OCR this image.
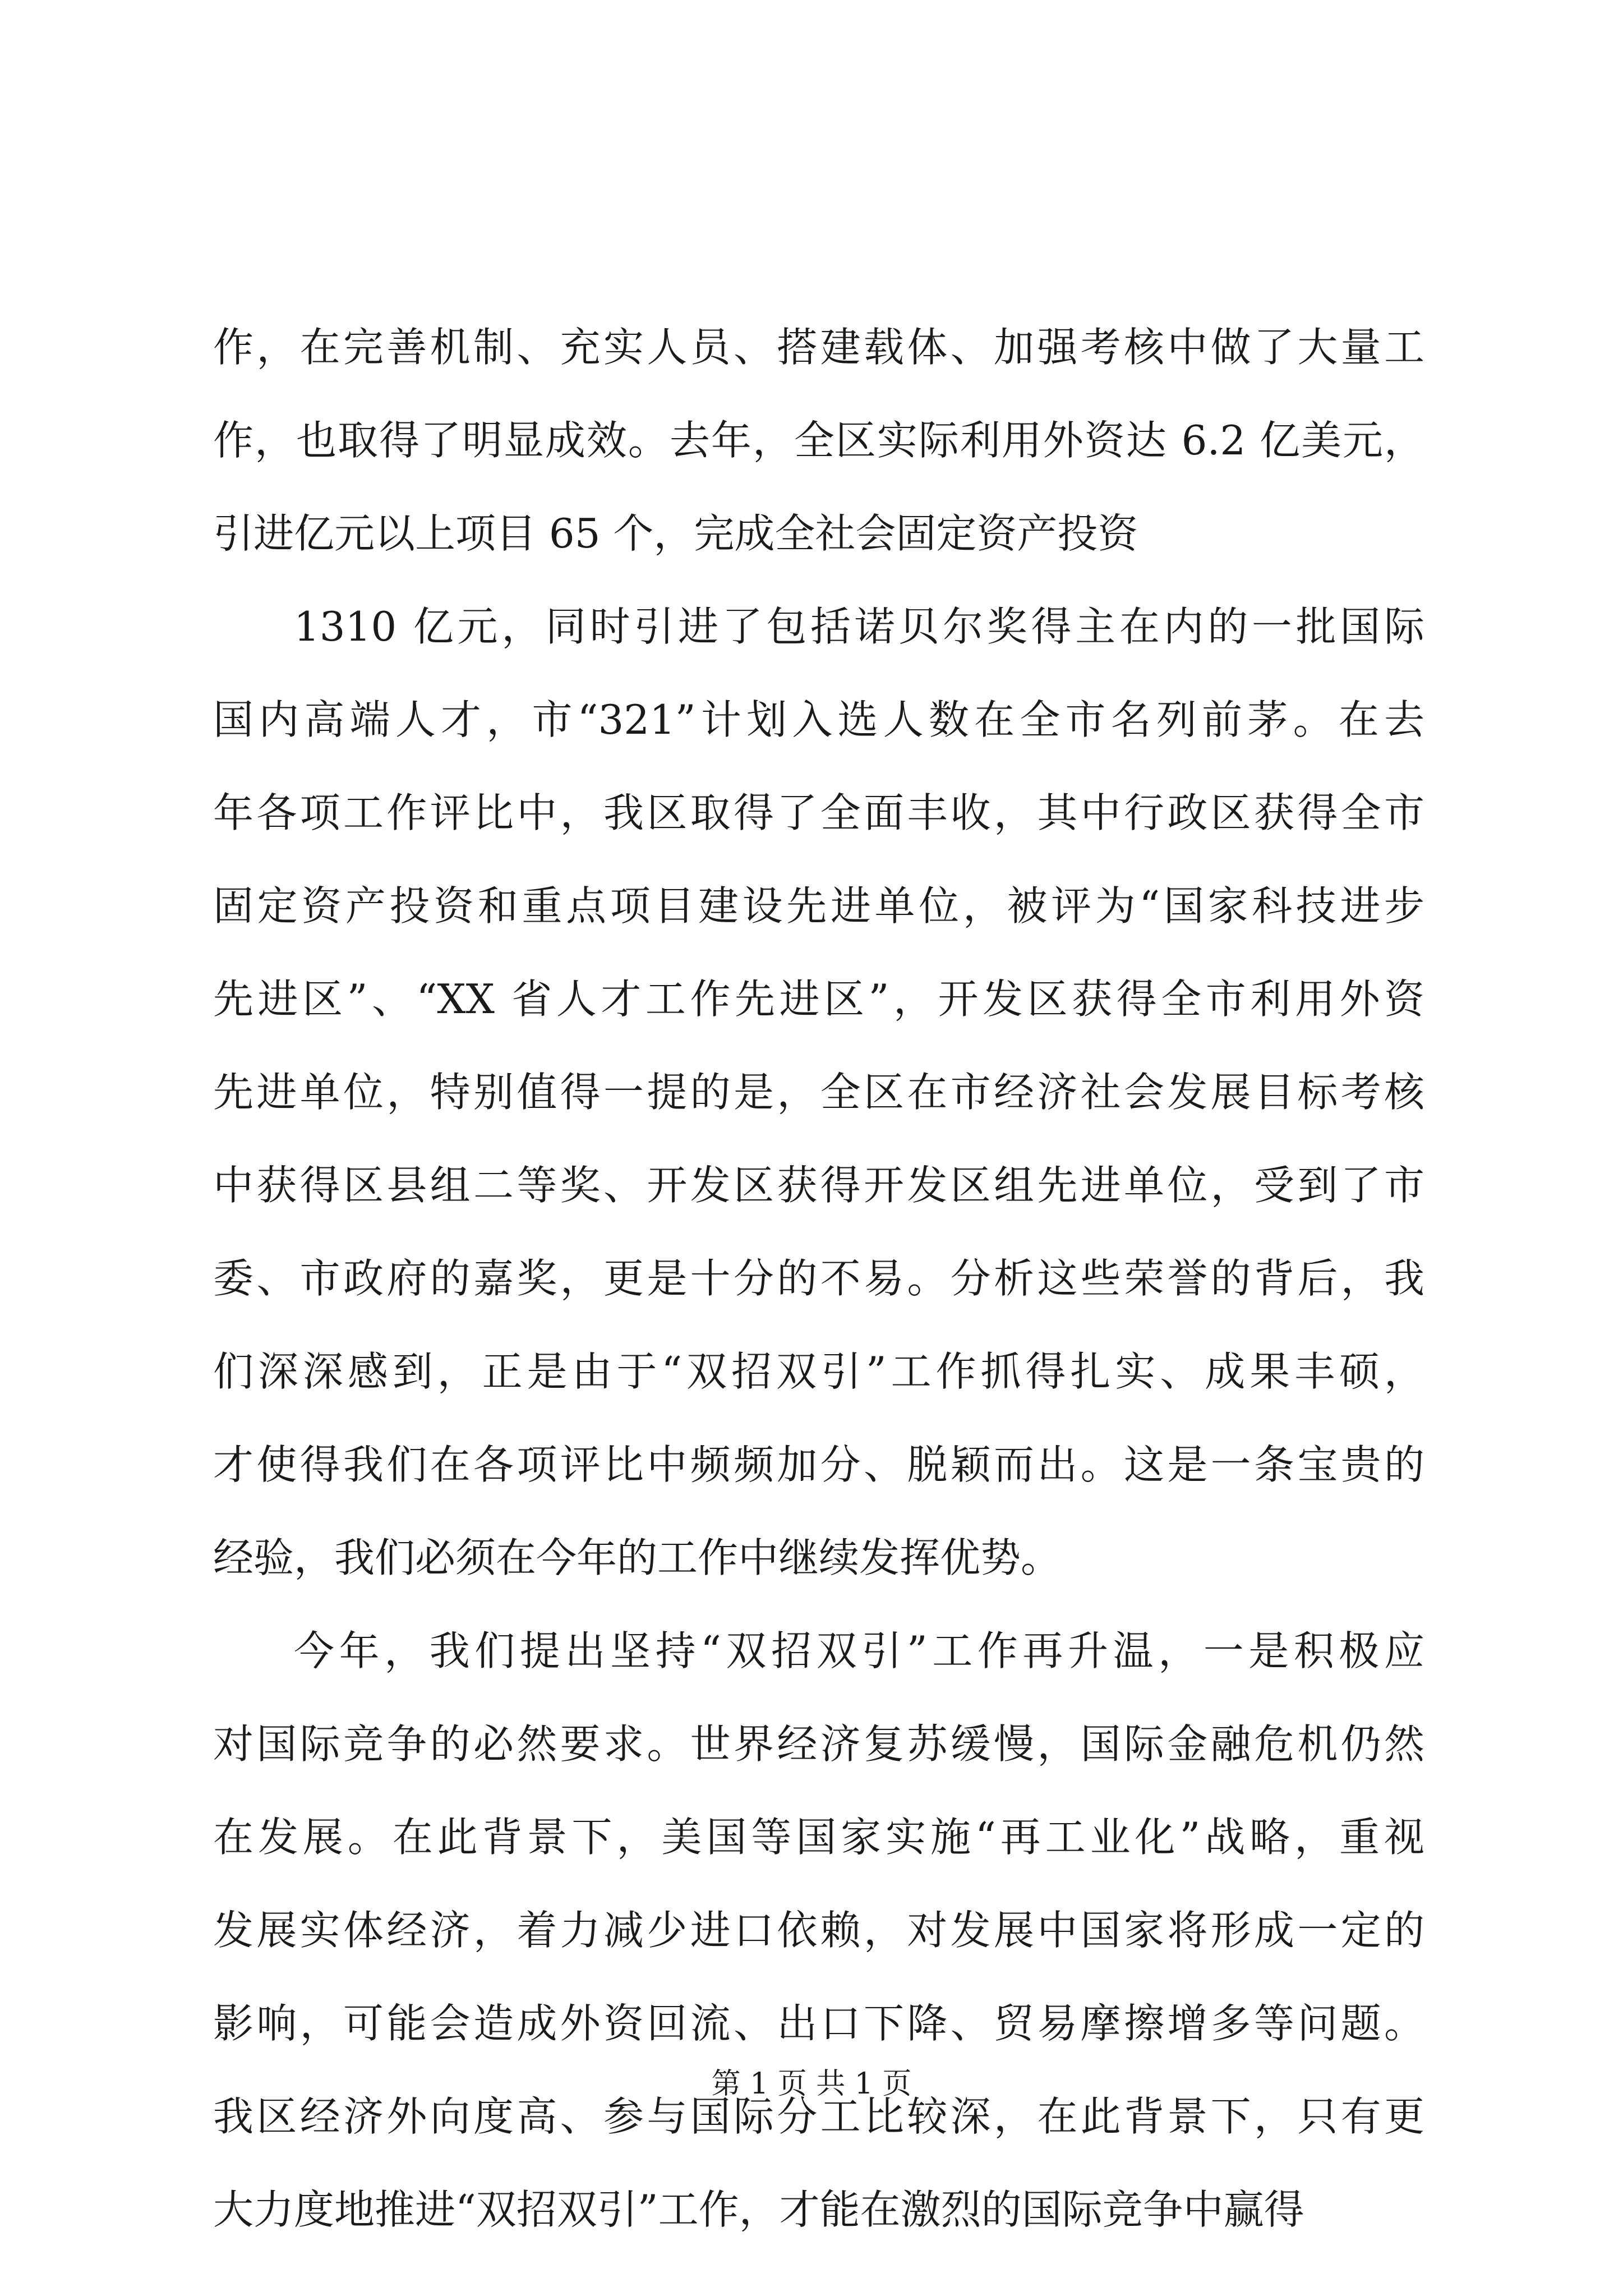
作，在完善机制、充实人员、搭建载体、加强考核中做了大量工
作，也取得了明显成效。去年，全区实际利用外资达 6.2 亿美元，
引进亿元以上项目 65 个，完成全社会固定资产投资
1310 亿元，同时引进了包括诺贝尔奖得主在内的一批国际
国内高端人才，市“321”计划入选人数在全市名列前茅。在去
年各项工作评比中，我区取得了全面丰收，其中行政区获得全市
固定资产投资和重点项目建设先进单位，被评为“国家科技进步
先进区”、“XX 省人才工作先进区”，开发区获得全市利用外资
先进单位，特别值得一提的是，全区在市经济社会发展目标考核
中获得区县组二等奖、开发区获得开发区组先进单位，受到了市
委、市政府的嘉奖，更是十分的不易。分析这些荣誉的背后，我
们深深感到，正是由于“双招双引”工作抓得扎实、成果丰硕，
才使得我们在各项评比中频频加分、脱颖而出。这是一条宝贵的
经验，我们必须在今年的工作中继续发挥优势。
今年，我们提出坚持“双招双引”工作再升温，一是积极应
对国际竞争的必然要求。世界经济复苏缓慢，国际金融危机仍然
在发展。在此背景下，美国等国家实施“再工业化”战略，重视
发展实体经济，着力减少进口依赖，对发展中国家将形成一定的
影响，可能会造成外资回流、出口下降、贸易摩擦增多等问题。
我区经济外向度高、参与国际分工比较深，在此背景下，只有更
大力度地推进“双招双引”工作，才能在激烈的国际竞争中赢得
第 1 页 共 1 页
